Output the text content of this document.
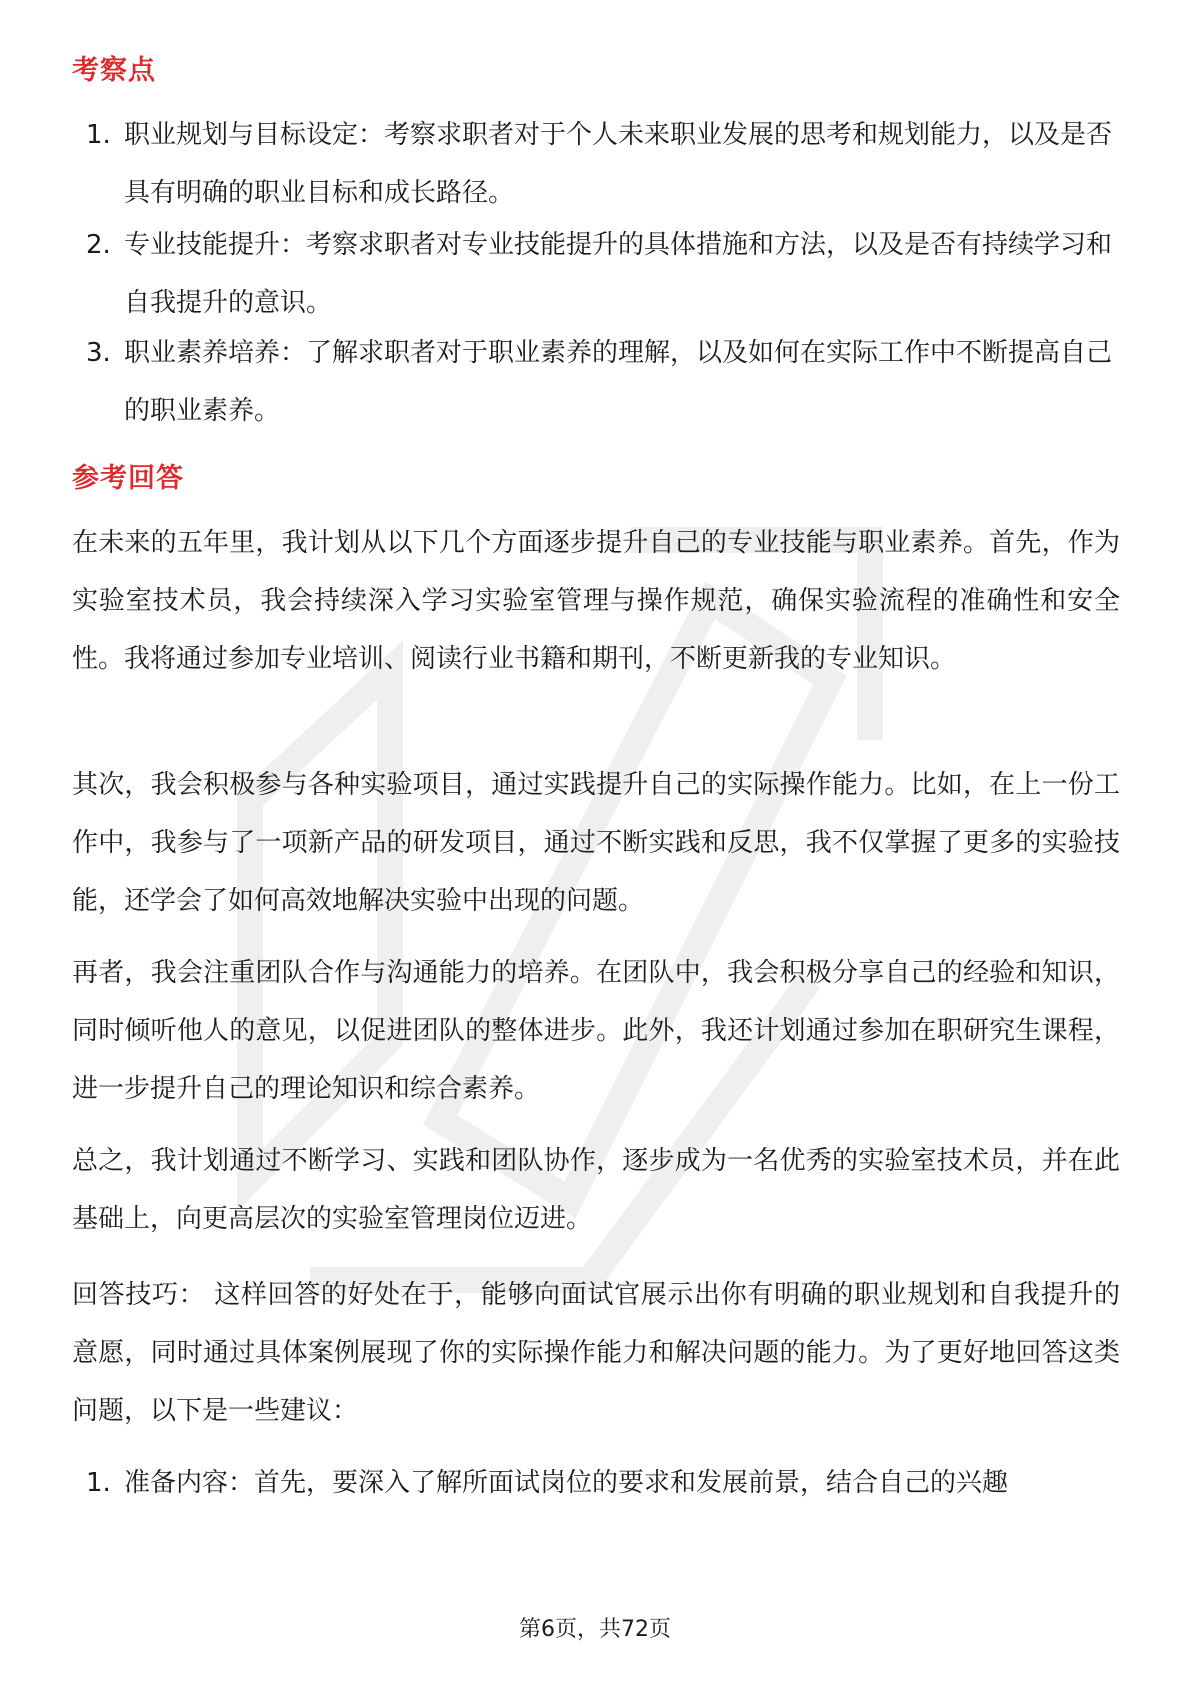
考察点
1. 职业规划与目标设定：考察求职者对于个人未来职业发展的思考和规划能力，以及是否具有明确的职业目标和成长路径。
2. 专业技能提升：考察求职者对专业技能提升的具体措施和方法，以及是否有持续学习和自我提升的意识。
3. 职业素养培养：了解求职者对于职业素养的理解，以及如何在实际工作中不断提高自己的职业素养。
参考回答
在未来的五年里，我计划从以下几个方面逐步提升自己的专业技能与职业素养。首先，作为实验室技术员，我会持续深入学习实验室管理与操作规范，确保实验流程的准确性和安全性。我将通过参加专业培训、阅读行业书籍和期刊，不断更新我的专业知识。
其次，我会积极参与各种实验项目，通过实践提升自己的实际操作能力。比如，在上一份工作中，我参与了一项新产品的研发项目，通过不断实践和反思，我不仅掌握了更多的实验技能，还学会了如何高效地解决实验中出现的问题。
再者，我会注重团队合作与沟通能力的培养。在团队中，我会积极分享自己的经验和知识，同时倾听他人的意见，以促进团队的整体进步。此外，我还计划通过参加在职研究生课程，进一步提升自己的理论知识和综合素养。
总之，我计划通过不断学习、实践和团队协作，逐步成为一名优秀的实验室技术员，并在此基础上，向更高层次的实验室管理岗位迈进。
回答技巧： 这样回答的好处在于，能够向面试官展示出你有明确的职业规划和自我提升的意愿，同时通过具体案例展现了你的实际操作能力和解决问题的能力。为了更好地回答这类问题，以下是一些建议：
1. 准备内容：首先，要深入了解所面试岗位的要求和发展前景，结合自己的兴趣
第6页，共72页
